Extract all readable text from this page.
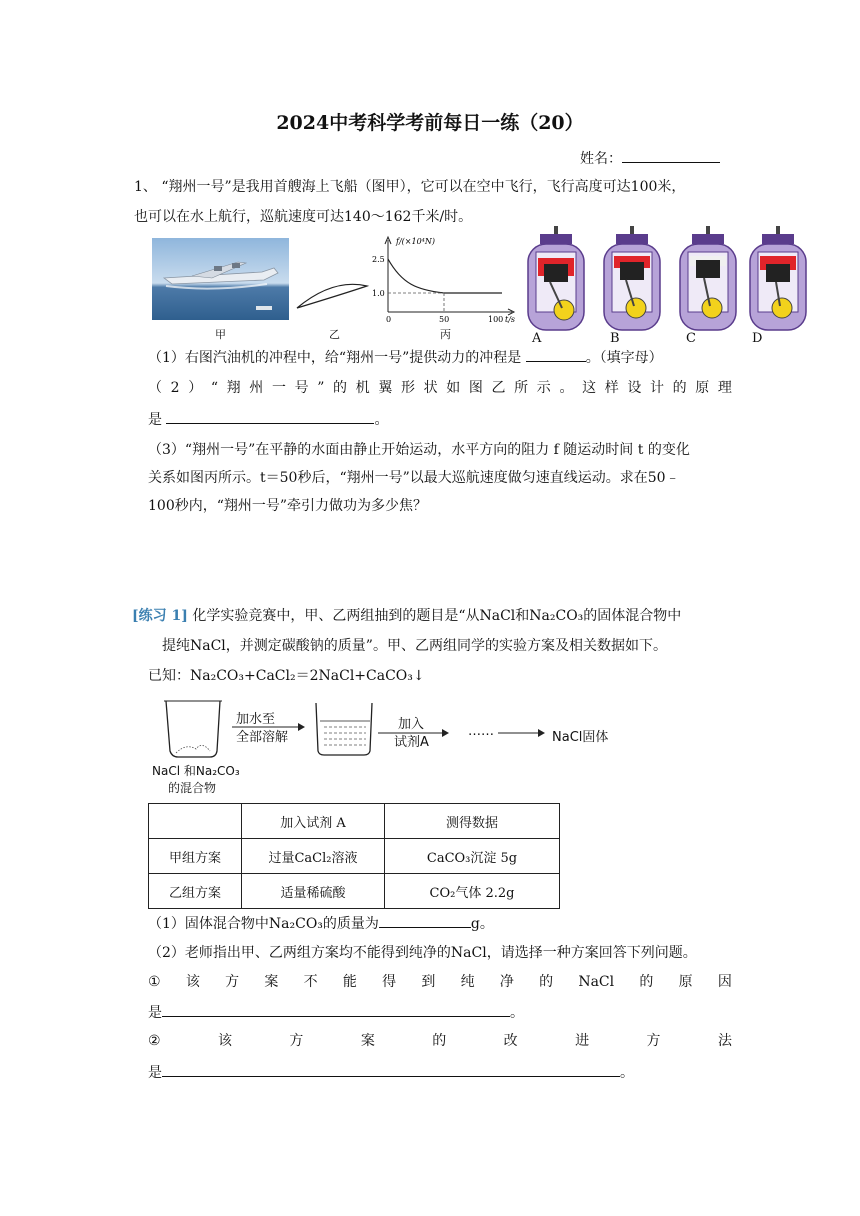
2024中考科学考前每日一练（20）
姓名：
1、 “翔州一号”是我用首艘海上飞船（图甲），它可以在空中飞行，飞行高度可达100米，
也可以在水上航行，巡航速度可达140～162千米/时。
甲	乙
f/(×10⁴N)
2.5
1.0
0	50	100 t/s
丙	A	B	C	D
（1）右图汽油机的冲程中，给“翔州一号”提供动力的冲程是	。（填字母）
（ 2 ） “ 翔 州 一 号 ” 的 机 翼 形 状 如 图 乙 所 示 。 这 样 设 计 的 原 理
是	。
（3）“翔州一号”在平静的水面由静止开始运动，水平方向的阻力 f 随运动时间 t 的变化
关系如图丙所示。t＝50秒后，“翔州一号”以最大巡航速度做匀速直线运动。求在50﹣
100秒内，“翔州一号”牵引力做功为多少焦？
[练习 1] 化学实验竞赛中，甲、乙两组抽到的题目是“从NaCl和Na₂CO₃的固体混合物中
提纯NaCl，并测定碳酸钠的质量”。甲、乙两组同学的实验方案及相关数据如下。
已知：Na₂CO₃+CaCl₂＝2NaCl+CaCO₃↓
加水至
全部溶解
加入
试剂A
……	NaCl固体
NaCl 和Na₂CO₃
的混合物
	加入试剂 A	测得数据
甲组方案	过量CaCl₂溶液	CaCO₃沉淀 5g
乙组方案	适量稀硫酸	CO₂气体 2.2g
（1）固体混合物中Na₂CO₃的质量为	g。
（2）老师指出甲、乙两组方案均不能得到纯净的NaCl，请选择一种方案回答下列问题。
① 该 方 案 不 能 得 到 纯 净 的 NaCl 的 原 因
是	。
②	该	方	案	的	改	进	方	法
是	。
